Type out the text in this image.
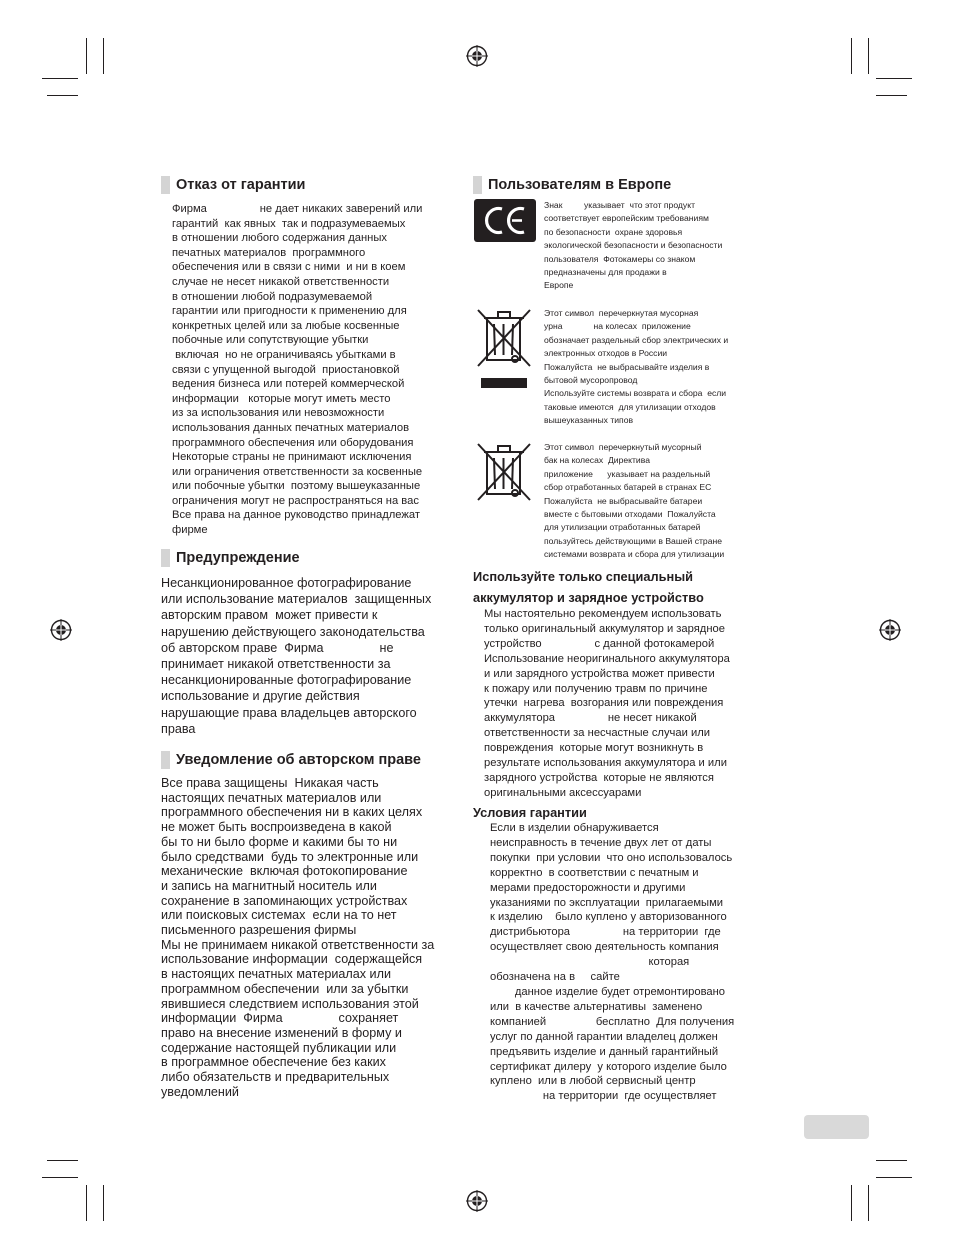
Отказ от гарантии
Фирма                 не дает никаких заверений или
гарантий  как явных  так и подразумеваемых
в отношении любого содержания данных
печатных материалов  программного
обеспечения или в связи с ними  и ни в коем
случае не несет никакой ответственности
в отношении любой подразумеваемой
гарантии или пригодности к применению для
конкретных целей или за любые косвенные
побочные или сопутствующие убытки
включая  но не ограничиваясь убытками в
связи с упущенной выгодой  приостановкой
ведения бизнеса или потерей коммерческой
информации   которые могут иметь место
из за использования или невозможности
использования данных печатных материалов
программного обеспечения или оборудования
Некоторые страны не принимают исключения
или ограничения ответственности за косвенные
или побочные убытки  поэтому вышеуказанные
ограничения могут не распространяться на вас
Все права на данное руководство принадлежат
фирме
Предупреждение
Несанкционированное фотографирование
или использование материалов  защищенных
авторским правом  может привести к
нарушению действующего законодательства
об авторском праве  Фирма                не
принимает никакой ответственности за
несанкционированные фотографирование
использование и другие действия
нарушающие права владельцев авторского
права
Уведомление об авторском праве
Все права защищены  Никакая часть
настоящих печатных материалов или
программного обеспечения ни в каких целях
не может быть воспроизведена в какой
бы то ни было форме и какими бы то ни
было средствами  будь то электронные или
механические  включая фотокопирование
и запись на магнитный носитель или
сохранение в запоминающих устройствах
или поисковых системах  если на то нет
письменного разрешения фирмы
Мы не принимаем никакой ответственности за
использование информации  содержащейся
в настоящих печатных материалах или
программном обеспечении  или за убытки
явившиеся следствием использования этой
информации  Фирма                сохраняет
право на внесение изменений в форму и
содержание настоящей публикации или
в программное обеспечение без каких
либо обязательств и предварительных
уведомлений
Пользователям в Европе
Знак         указывает  что этот продукт
соответствует европейским требованиям
по безопасности  охране здоровья
экологической безопасности и безопасности
пользователя  Фотокамеры со знаком
предназначены для продажи в
Европе
Этот символ  перечеркнутая мусорная
урна             на колесах  приложение
обозначает раздельный сбор электрических и
электронных отходов в России
Пожалуйста  не выбрасывайте изделия в
бытовой мусоропровод
Используйте системы возврата и сбора  если
таковые имеются  для утилизации отходов
вышеуказанных типов
Этот символ  перечеркнутый мусорный
бак на колесах  Директива
приложение      указывает на раздельный
сбор отработанных батарей в странах ЕС
Пожалуйста  не выбрасывайте батареи
вместе с бытовыми отходами  Пожалуйста
для утилизации отработанных батарей
пользуйтесь действующими в Вашей стране
системами возврата и сбора для утилизации
Используйте только специальный
аккумулятор и зарядное устройство
Мы настоятельно рекомендуем использовать
только оригинальный аккумулятор и зарядное
устройство                 с данной фотокамерой
Использование неоригинального аккумулятора
и или зарядного устройства может привести
к пожару или получению травм по причине
утечки  нагрева  возгорания или повреждения
аккумулятора                 не несет никакой
ответственности за несчастные случаи или
повреждения  которые могут возникнуть в
результате использования аккумулятора и или
зарядного устройства  которые не являются
оригинальными аксессуарами
Условия гарантии
Если в изделии обнаруживается
неисправность в течение двух лет от даты
покупки  при условии  что оно использовалось
корректно  в соответствии с печатным и
мерами предосторожности и другими
указаниями по эксплуатации  прилагаемыми
к изделию    было куплено у авторизованного
дистрибьютора                 на территории  где
осуществляет свою деятельность компания
которая
обозначена на в     сайте
данное изделие будет отремонтировано
или  в качестве альтернативы  заменено
компанией                бесплатно  Для получения
услуг по данной гарантии владелец должен
предъявить изделие и данный гарантийный
сертификат дилеру  у которого изделие было
куплено  или в любой сервисный центр
на территории  где осуществляет
